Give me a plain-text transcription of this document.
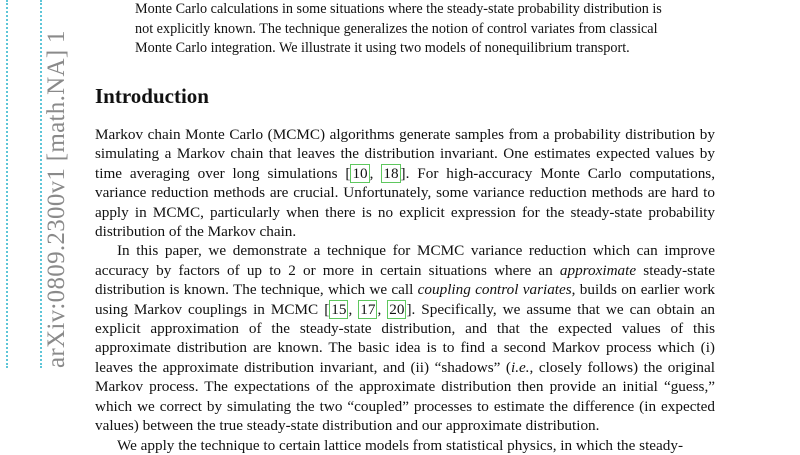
arXiv:0809.2300v1 [math.NA] 1

Monte Carlo calculations in some situations where the steady-state probability distribution is

not explicitly known. The technique generalizes the notion of control variates from classical

Monte Carlo integration. We illustrate it using two models of nonequilibrium transport.

Introduction

Markov chain Monte Carlo (MCMC) algorithms generate samples from a probability distribution by simulating a Markov chain that leaves the distribution invariant. One estimates expected values by time averaging over long simulations [ 10 , 18 ]. For high-accuracy Monte Carlo computations, variance reduction methods are crucial. Unfortunately, some variance reduction methods are hard to apply in MCMC, particularly when there is no explicit expression for the steady-state probability distribution of the Markov chain.

In this paper, we demonstrate a technique for MCMC variance reduction which can improve accuracy by factors of up to 2 or more in certain situations where an approximate steady-state distribution is known. The technique, which we call coupling control variates, builds on earlier work using Markov couplings in MCMC [ 15 , 17 , 20 ]. Specifically, we assume that we can obtain an explicit approximation of the steady-state distribution, and that the expected values of this approximate distribution are known. The basic idea is to find a second Markov process which (i) leaves the approximate distribution invariant, and (ii) “shadows” (i.e., closely follows) the original Markov process. The expectations of the approximate distribution then provide an initial “guess,” which we correct by simulating the two “coupled” processes to estimate the difference (in expected values) between the true steady-state distribution and our approximate distribution.

We apply the technique to certain lattice models from statistical physics, in which the steady-
